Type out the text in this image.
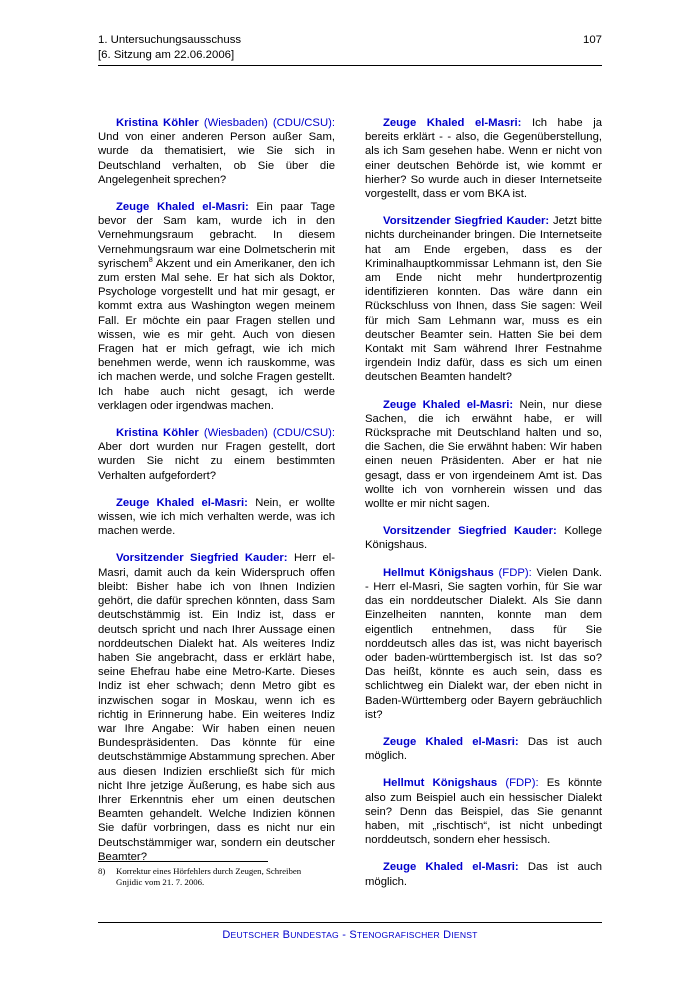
1. Untersuchungsausschuss
[6. Sitzung am 22.06.2006]
107

Kristina Köhler (Wiesbaden) (CDU/CSU): Und von einer anderen Person außer Sam, wurde da thematisiert, wie Sie sich in Deutschland verhalten, ob Sie über die Angelegenheit sprechen?

Zeuge Khaled el-Masri: Ein paar Tage bevor der Sam kam, wurde ich in den Vernehmungsraum gebracht. In diesem Vernehmungsraum war eine Dolmetscherin mit syrischem$^8$ Akzent und ein Amerikaner, den ich zum ersten Mal sehe. Er hat sich als Doktor, Psychologe vorgestellt und hat mir gesagt, er kommt extra aus Washington wegen meinem Fall. Er möchte ein paar Fragen stellen und wissen, wie es mir geht. Auch von diesen Fragen hat er mich gefragt, wie ich mich benehmen werde, wenn ich rauskomme, was ich machen werde, und solche Fragen gestellt. Ich habe auch nicht gesagt, ich werde verklagen oder irgendwas machen.

Kristina Köhler (Wiesbaden) (CDU/CSU): Aber dort wurden nur Fragen gestellt, dort wurden Sie nicht zu einem bestimmten Verhalten aufgefordert?

Zeuge Khaled el-Masri: Nein, er wollte wissen, wie ich mich verhalten werde, was ich machen werde.

Vorsitzender Siegfried Kauder: Herr el-Masri, damit auch da kein Widerspruch offen bleibt: Bisher habe ich von Ihnen Indizien gehört, die dafür sprechen könnten, dass Sam deutschstämmig ist. Ein Indiz ist, dass er deutsch spricht und nach Ihrer Aussage einen norddeutschen Dialekt hat. Als weiteres Indiz haben Sie angebracht, dass er erklärt habe, seine Ehefrau habe eine Metro-Karte. Dieses Indiz ist eher schwach; denn Metro gibt es inzwischen sogar in Moskau, wenn ich es richtig in Erinnerung habe. Ein weiteres Indiz war Ihre Angabe: Wir haben einen neuen Bundespräsidenten. Das könnte für eine deutschstämmige Abstammung sprechen. Aber aus diesen Indizien erschließt sich für mich nicht Ihre jetzige Äußerung, es habe sich aus Ihrer Erkenntnis eher um einen deutschen Beamten gehandelt. Welche Indizien können Sie dafür vorbringen, dass es nicht nur ein Deutschstämmiger war, sondern ein deutscher Beamter?

Zeuge Khaled el-Masri: Ich habe ja bereits erklärt - - also, die Gegenüberstellung, als ich Sam gesehen habe. Wenn er nicht von einer deutschen Behörde ist, wie kommt er hierher? So wurde auch in dieser Internetseite vorgestellt, dass er vom BKA ist.

Vorsitzender Siegfried Kauder: Jetzt bitte nichts durcheinander bringen. Die Internetseite hat am Ende ergeben, dass es der Kriminalhauptkommissar Lehmann ist, den Sie am Ende nicht mehr hundertprozentig identifizieren konnten. Das wäre dann ein Rückschluss von Ihnen, dass Sie sagen: Weil für mich Sam Lehmann war, muss es ein deutscher Beamter sein. Hatten Sie bei dem Kontakt mit Sam während Ihrer Festnahme irgendein Indiz dafür, dass es sich um einen deutschen Beamten handelt?

Zeuge Khaled el-Masri: Nein, nur diese Sachen, die ich erwähnt habe, er will Rücksprache mit Deutschland halten und so, die Sachen, die Sie erwähnt haben: Wir haben einen neuen Präsidenten. Aber er hat nie gesagt, dass er von irgendeinem Amt ist. Das wollte ich von vornherein wissen und das wollte er mir nicht sagen.

Vorsitzender Siegfried Kauder: Kollege Königshaus.

Hellmut Königshaus (FDP): Vielen Dank. - Herr el-Masri, Sie sagten vorhin, für Sie war das ein norddeutscher Dialekt. Als Sie dann Einzelheiten nannten, konnte man dem eigentlich entnehmen, dass für Sie norddeutsch alles das ist, was nicht bayerisch oder baden-württembergisch ist. Ist das so? Das heißt, könnte es auch sein, dass es schlichtweg ein Dialekt war, der eben nicht in Baden-Württemberg oder Bayern gebräuchlich ist?

Zeuge Khaled el-Masri: Das ist auch möglich.

Hellmut Königshaus (FDP): Es könnte also zum Beispiel auch ein hessischer Dialekt sein? Denn das Beispiel, das Sie genannt haben, mit „rischtisch“, ist nicht unbedingt norddeutsch, sondern eher hessisch.

Zeuge Khaled el-Masri: Das ist auch möglich.

8) Korrektur eines Hörfehlers durch Zeugen, Schreiben
Gnjidic vom 21. 7. 2006.
DEUTSCHER BUNDESTAG - STENOGRAFISCHER DIENST
